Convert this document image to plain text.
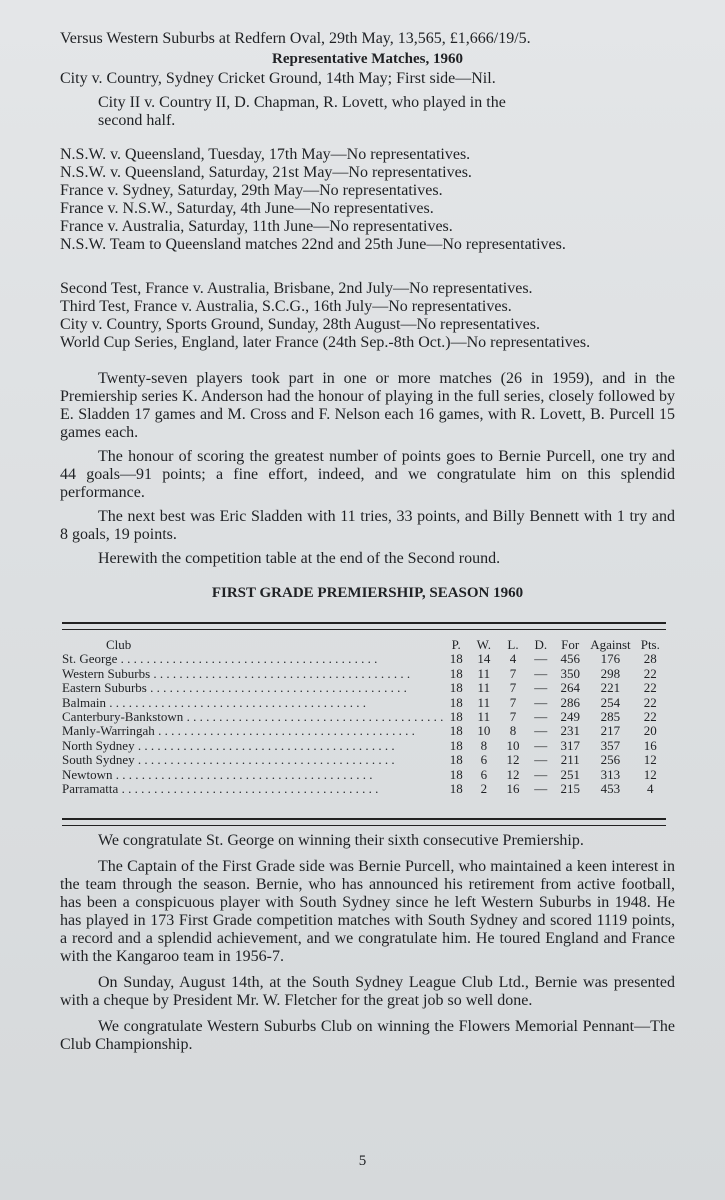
Versus Western Suburbs at Redfern Oval, 29th May, 13,565, £1,666/19/5.
Representative Matches, 1960
City v. Country, Sydney Cricket Ground, 14th May; First side—Nil.
City II v. Country II, D. Chapman, R. Lovett, who played in the
second half.
N.S.W. v. Queensland, Tuesday, 17th May—No representatives.
N.S.W. v. Queensland, Saturday, 21st May—No representatives.
France v. Sydney, Saturday, 29th May—No representatives.
France v. N.S.W., Saturday, 4th June—No representatives.
France v. Australia, Saturday, 11th June—No representatives.
N.S.W. Team to Queensland matches 22nd and 25th June—No representatives.
Second Test, France v. Australia, Brisbane, 2nd July—No representatives.
Third Test, France v. Australia, S.C.G., 16th July—No representatives.
City v. Country, Sports Ground, Sunday, 28th August—No representatives.
World Cup Series, England, later France (24th Sep.-8th Oct.)—No representatives.
Twenty-seven players took part in one or more matches (26 in 1959), and in the Premiership series K. Anderson had the honour of playing in the full series, closely followed by E. Sladden 17 games and M. Cross and F. Nelson each 16 games, with R. Lovett, B. Purcell 15 games each.
The honour of scoring the greatest number of points goes to Bernie Purcell, one try and 44 goals—91 points; a fine effort, indeed, and we congratulate him on this splendid performance.
The next best was Eric Sladden with 11 tries, 33 points, and Billy Bennett with 1 try and 8 goals, 19 points.
Herewith the competition table at the end of the Second round.
FIRST GRADE PREMIERSHIP, SEASON 1960
Club	P.	W.	L.	D.	For	Against	Pts.
St. George . . . . . . . . . . . . . . . . . . . . . . . . . . . . . . . . . . . . . . . .	18	14	4	—	456	176	28
Western Suburbs . . . . . . . . . . . . . . . . . . . . . . . . . . . . . . . . . . . . . . . .	18	11	7	—	350	298	22
Eastern Suburbs . . . . . . . . . . . . . . . . . . . . . . . . . . . . . . . . . . . . . . . .	18	11	7	—	264	221	22
Balmain . . . . . . . . . . . . . . . . . . . . . . . . . . . . . . . . . . . . . . . .	18	11	7	—	286	254	22
Canterbury-Bankstown . . . . . . . . . . . . . . . . . . . . . . . . . . . . . . . . . . . . . . . .	18	11	7	—	249	285	22
Manly-Warringah . . . . . . . . . . . . . . . . . . . . . . . . . . . . . . . . . . . . . . . .	18	10	8	—	231	217	20
North Sydney . . . . . . . . . . . . . . . . . . . . . . . . . . . . . . . . . . . . . . . .	18	8	10	—	317	357	16
South Sydney . . . . . . . . . . . . . . . . . . . . . . . . . . . . . . . . . . . . . . . .	18	6	12	—	211	256	12
Newtown . . . . . . . . . . . . . . . . . . . . . . . . . . . . . . . . . . . . . . . .	18	6	12	—	251	313	12
Parramatta . . . . . . . . . . . . . . . . . . . . . . . . . . . . . . . . . . . . . . . .	18	2	16	—	215	453	4
We congratulate St. George on winning their sixth consecutive Premiership.
The Captain of the First Grade side was Bernie Purcell, who maintained a keen interest in the team through the season. Bernie, who has announced his retirement from active football, has been a conspicuous player with South Sydney since he left Western Suburbs in 1948. He has played in 173 First Grade competition matches with South Sydney and scored 1119 points, a record and a splendid achievement, and we congratulate him. He toured England and France with the Kangaroo team in 1956-7.
On Sunday, August 14th, at the South Sydney League Club Ltd., Bernie was presented with a cheque by President Mr. W. Fletcher for the great job so well done.
We congratulate Western Suburbs Club on winning the Flowers Memorial Pennant—The Club Championship.
5
